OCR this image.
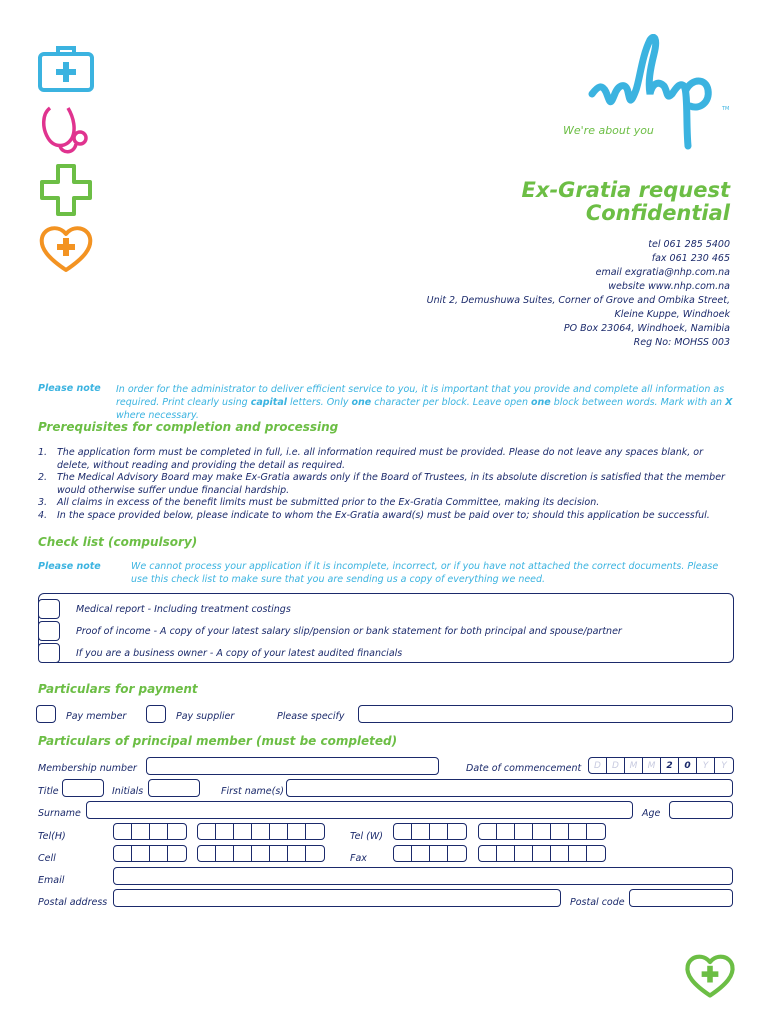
TM
We're about you
Ex-Gratia request
Confidential
tel 061 285 5400
fax 061 230 465
email exgratia@nhp.com.na
website www.nhp.com.na
Unit 2, Demushuwa Suites, Corner of Grove and Ombika Street,
Kleine Kuppe, Windhoek
PO Box 23064, Windhoek, Namibia
Reg No: MOHSS 003
Please note In order for the administrator to deliver efficient service to you, it is important that you provide and complete all information as required. Print clearly using capital letters. Only one character per block. Leave open one block between words. Mark with an X where necessary.
Prerequisites for completion and processing
1.	The application form must be completed in full, i.e. all information required must be provided. Please do not leave any spaces blank, or delete, without reading and providing the detail as required.
2.	The Medical Advisory Board may make Ex-Gratia awards only if the Board of Trustees, in its absolute discretion is satisfied that the member would otherwise suffer undue financial hardship.
3.	All claims in excess of the benefit limits must be submitted prior to the Ex-Gratia Committee, making its decision.
4.	In the space provided below, please indicate to whom the Ex-Gratia award(s) must be paid over to; should this application be successful.
Check list (compulsory)
Please note	We cannot process your application if it is incomplete, incorrect, or if you have not attached the correct documents. Please use this check list to make sure that you are sending us a copy of everything we need.
Medical report - Including treatment costings
Proof of income - A copy of your latest salary slip/pension or bank statement for both principal and spouse/partner
If you are a business owner - A copy of your latest audited financials
Particulars for payment
Pay member	Pay supplier	Please specify
Particulars of principal member (must be completed)
Membership number	Date of commencement	D	D	M	M	2	0	Y	Y
Title	Initials	First name(s)
Surname	Age
Tel(H)	Tel (W)
Cell	Fax
Email
Postal address	Postal code
